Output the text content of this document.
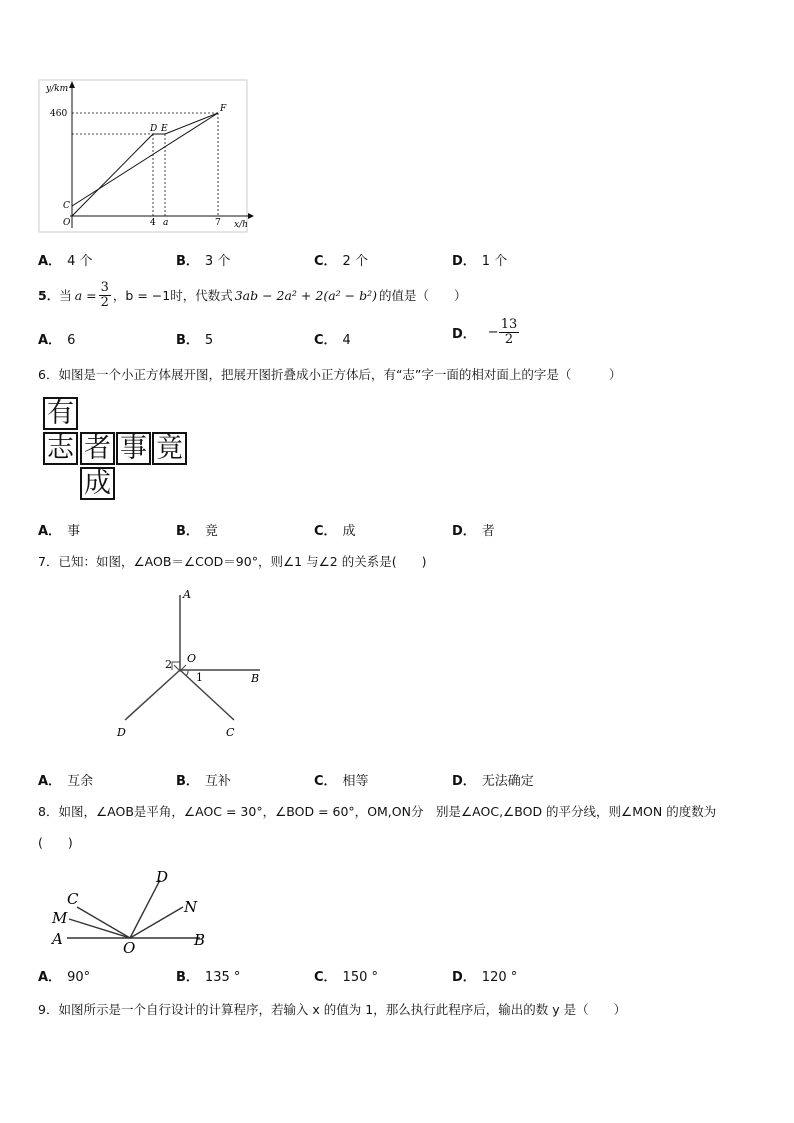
y/km
460
D E
F
C
O	4 a	7 x/h
A． 4 个	B． 3 个	C． 2 个	D． 1 个
5． 当 $a = \frac{3}{2}$ ，b = −1时，代数式 3ab − 2a² + 2(a² − b²) 的值是（　　）
A． 6	B． 5	C． 4	D． − $\frac{13}{2}$
6．如图是一个小正方体展开图，把展开图折叠成小正方体后，有“志”字一面的相对面上的字是（　　　）
有
志 者 事 竟
成
A． 事	B． 竟	C． 成	D． 者
7．已知：如图，∠AOB＝∠COD＝90°，则∠1 与∠2 的关系是(　　)
A
O
2
1	B
D	C
A． 互余	B． 互补	C． 相等	D． 无法确定
8．如图，∠AOB是平角，∠AOC = 30°，∠BOD = 60°，OM,ON分　别是∠AOC,∠BOD 的平分线，则∠MON 的度数为
(　　)
A
M
C
D
N
O	B
A． 90°	B． 135 °	C． 150 °	D． 120 °
9．如图所示是一个自行设计的计算程序，若输入 x 的值为 1，那么执行此程序后，输出的数 y 是（　　）
